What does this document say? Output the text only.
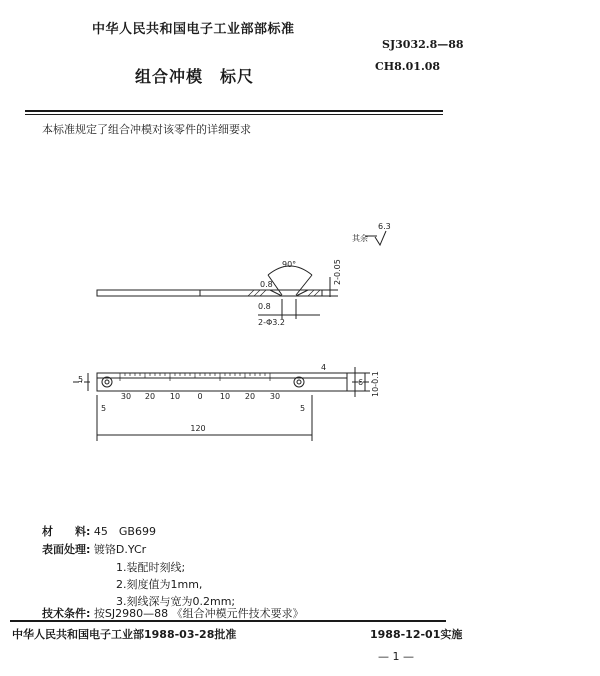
中华人民共和国电子工业部部标准
SJ3032.8—88
组合冲模　标尺
CH8.01.08
本标准规定了组合冲模对该零件的详细要求
其余
6.3
90°
0.8
0.8
2-0.05
2-Φ3.2
30 20 10 0 10 20 30
5
5	5
4
6 10-0.1
120
材　　料: 45　GB699
表面处理: 镀铬D.YCr
1.装配时刻线;
2.刻度值为1mm,
3.刻线深与宽为0.2mm;
技术条件: 按SJ2980—88 《组合冲模元件技术要求》
中华人民共和国电子工业部1988-03-28批准	1988-12-01实施
— 1 —
